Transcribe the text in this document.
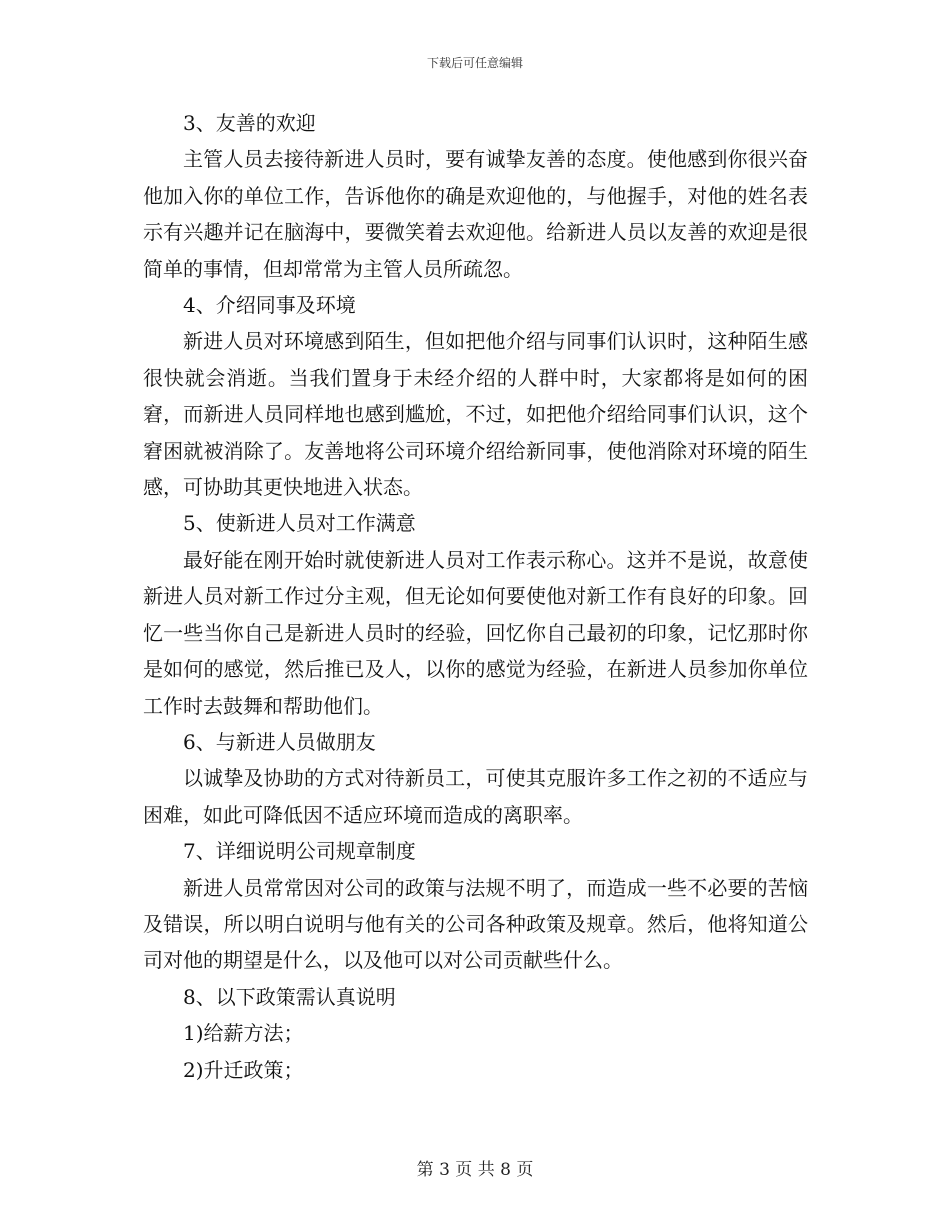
下载后可任意编辑

3、友善的欢迎

主管人员去接待新进人员时，要有诚挚友善的态度。使他感到你很兴奋他加入你的单位工作，告诉他你的确是欢迎他的，与他握手，对他的姓名表示有兴趣并记在脑海中，要微笑着去欢迎他。给新进人员以友善的欢迎是很简单的事情，但却常常为主管人员所疏忽。

4、介绍同事及环境

新进人员对环境感到陌生，但如把他介绍与同事们认识时，这种陌生感很快就会消逝。当我们置身于未经介绍的人群中时，大家都将是如何的困窘，而新进人员同样地也感到尴尬，不过，如把他介绍给同事们认识，这个窘困就被消除了。友善地将公司环境介绍给新同事，使他消除对环境的陌生感，可协助其更快地进入状态。

5、使新进人员对工作满意

最好能在刚开始时就使新进人员对工作表示称心。这并不是说，故意使新进人员对新工作过分主观，但无论如何要使他对新工作有良好的印象。回忆一些当你自己是新进人员时的经验，回忆你自己最初的印象，记忆那时你是如何的感觉，然后推已及人，以你的感觉为经验，在新进人员参加你单位工作时去鼓舞和帮助他们。

6、与新进人员做朋友

以诚挚及协助的方式对待新员工，可使其克服许多工作之初的不适应与困难，如此可降低因不适应环境而造成的离职率。

7、详细说明公司规章制度

新进人员常常因对公司的政策与法规不明了，而造成一些不必要的苦恼及错误，所以明白说明与他有关的公司各种政策及规章。然后，他将知道公司对他的期望是什么，以及他可以对公司贡献些什么。

8、以下政策需认真说明

1)给薪方法；

2)升迁政策；

第 3 页 共 8 页
